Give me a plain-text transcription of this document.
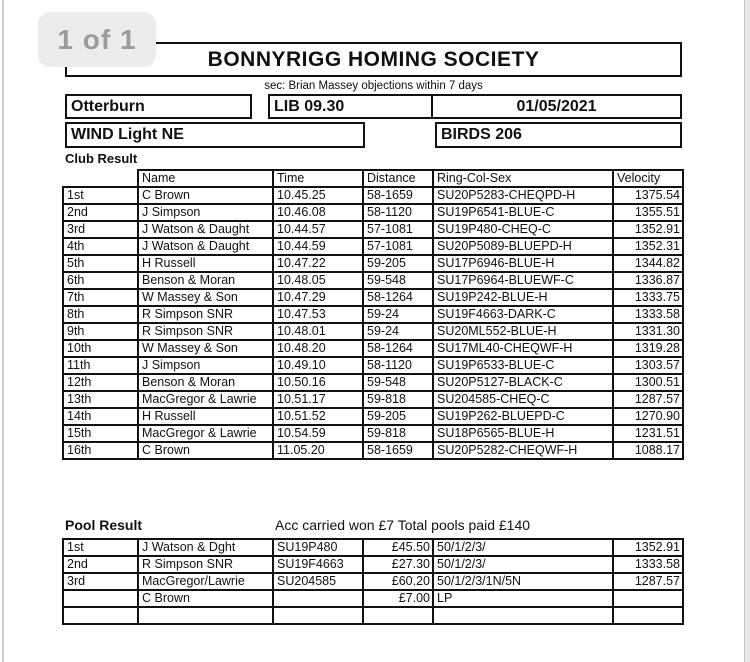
1 of 1
BONNYRIGG HOMING SOCIETY
sec: Brian Massey objections within 7 days
Otterburn	LIB 09.30	01/05/2021
WIND Light NE	BIRDS 206
Club Result
	Name	Time	Distance	Ring-Col-Sex	Velocity
1st	C Brown	10.45.25	58-1659	SU20P5283-CHEQPD-H	1375.54
2nd	J Simpson	10.46.08	58-1120	SU19P6541-BLUE-C	1355.51
3rd	J Watson & Daught	10.44.57	57-1081	SU19P480-CHEQ-C	1352.91
4th	J Watson & Daught	10.44.59	57-1081	SU20P5089-BLUEPD-H	1352.31
5th	H Russell	10.47.22	59-205	SU17P6946-BLUE-H	1344.82
6th	Benson & Moran	10.48.05	59-548	SU17P6964-BLUEWF-C	1336.87
7th	W Massey & Son	10.47.29	58-1264	SU19P242-BLUE-H	1333.75
8th	R Simpson SNR	10.47.53	59-24	SU19F4663-DARK-C	1333.58
9th	R Simpson SNR	10.48.01	59-24	SU20ML552-BLUE-H	1331.30
10th	W Massey & Son	10.48.20	58-1264	SU17ML40-CHEQWF-H	1319.28
11th	J Simpson	10.49.10	58-1120	SU19P6533-BLUE-C	1303.57
12th	Benson & Moran	10.50.16	59-548	SU20P5127-BLACK-C	1300.51
13th	MacGregor & Lawrie	10.51.17	59-818	SU204585-CHEQ-C	1287.57
14th	H Russell	10.51.52	59-205	SU19P262-BLUEPD-C	1270.90
15th	MacGregor & Lawrie	10.54.59	59-818	SU18P6565-BLUE-H	1231.51
16th	C Brown	11.05.20	58-1659	SU20P5282-CHEQWF-H	1088.17
Pool Result	Acc carried won £7 Total pools paid £140
1st	J Watson & Dght	SU19P480	£45.50	50/1/2/3/	1352.91
2nd	R Simpson SNR	SU19F4663	£27.30	50/1/2/3/	1333.58
3rd	MacGregor/Lawrie	SU204585	£60.20	50/1/2/3/1N/5N	1287.57
	C Brown		£7.00	LP	
